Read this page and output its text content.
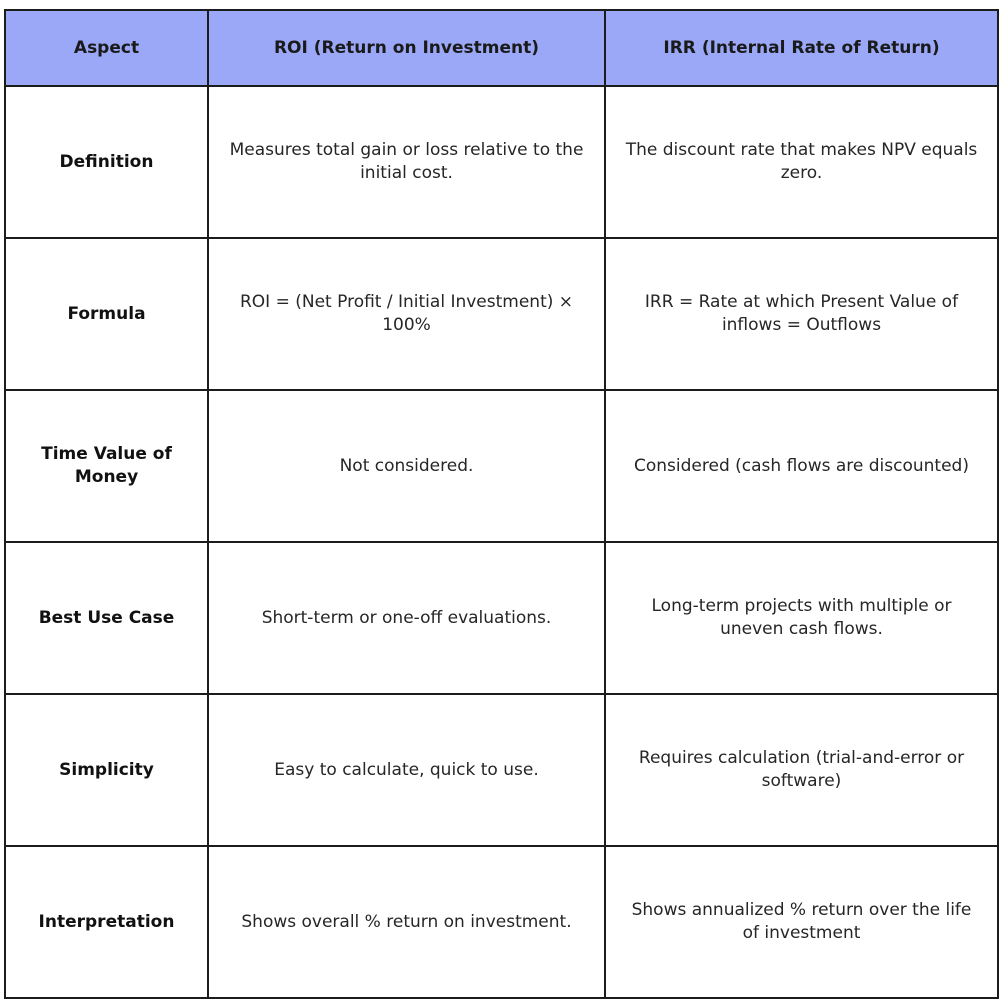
Aspect	ROI (Return on Investment)	IRR (Internal Rate of Return)
Definition	Measures total gain or loss relative to the initial cost.	The discount rate that makes NPV equals zero.
Formula	ROI = (Net Profit / Initial Investment) × 100%	IRR = Rate at which Present Value of inflows = Outflows
Time Value of Money	Not considered.	Considered (cash flows are discounted)
Best Use Case	Short-term or one-off evaluations.	Long-term projects with multiple or uneven cash flows.
Simplicity	Easy to calculate, quick to use.	Requires calculation (trial-and-error or software)
Interpretation	Shows overall % return on investment.	Shows annualized % return over the life of investment
